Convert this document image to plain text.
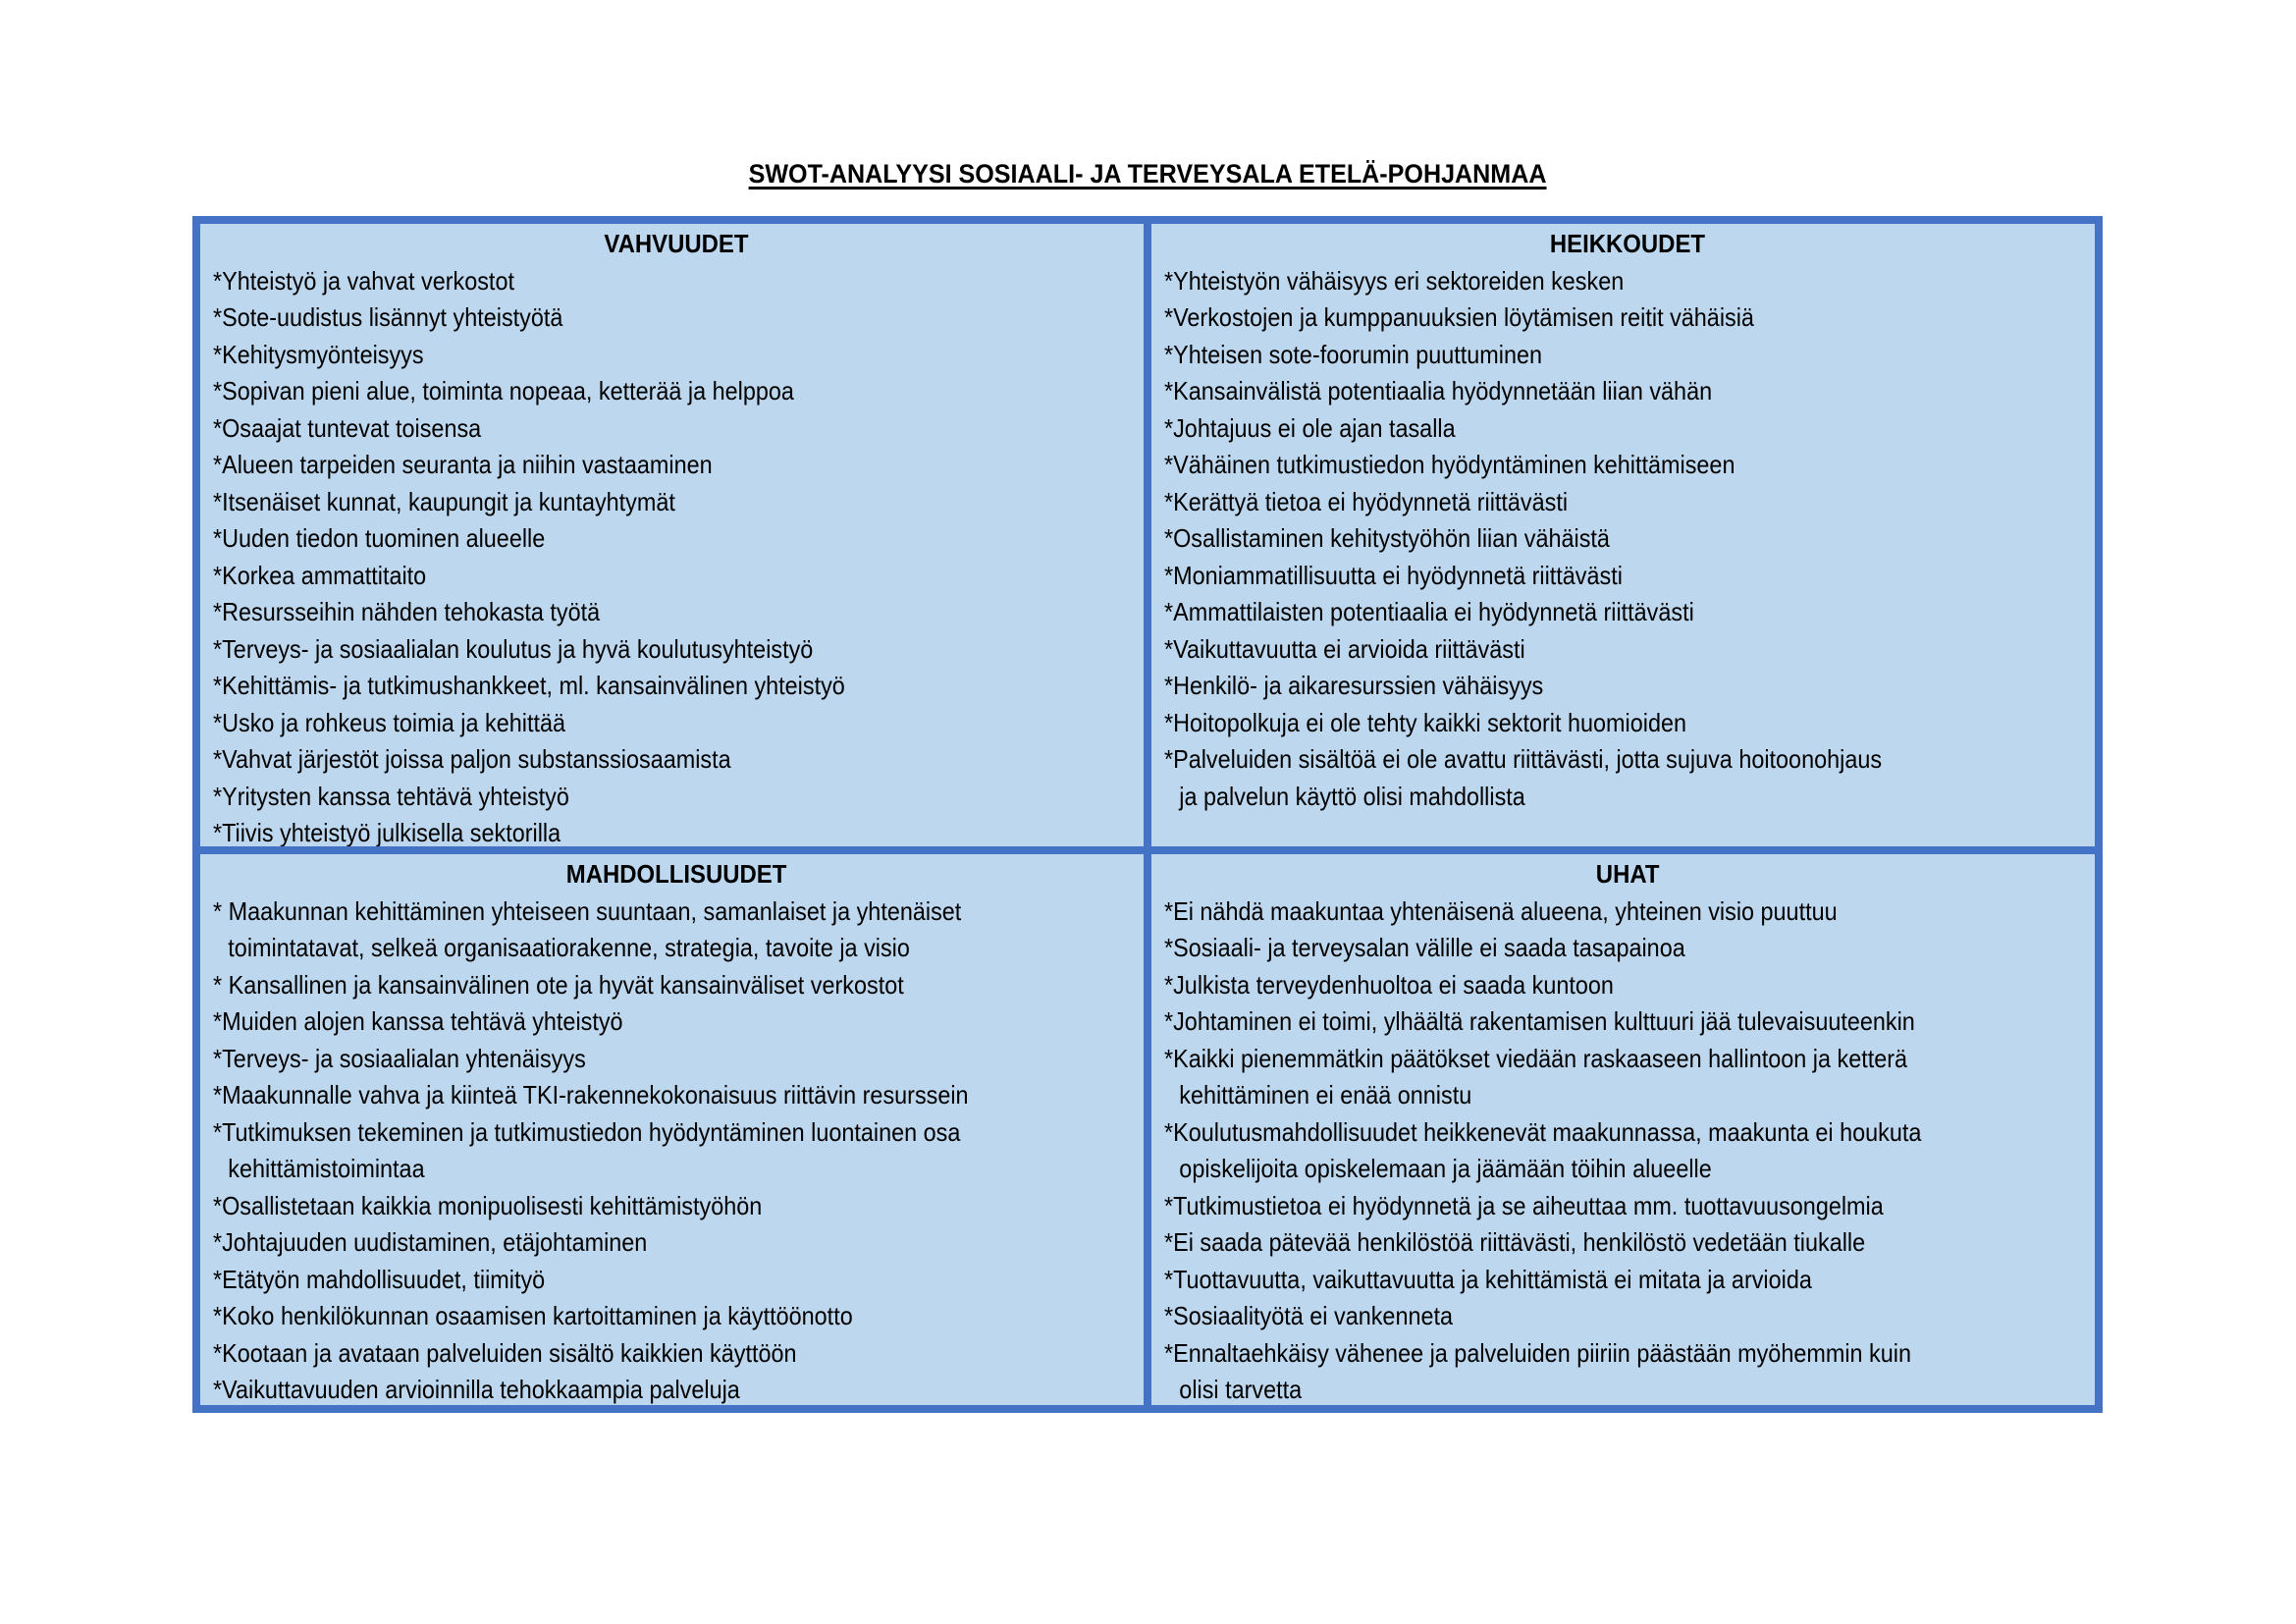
SWOT-ANALYYSI SOSIAALI- JA TERVEYSALA ETELÄ-POHJANMAA
VAHVUUDET
*Yhteistyö ja vahvat verkostot
*Sote-uudistus lisännyt yhteistyötä
*Kehitysmyönteisyys
*Sopivan pieni alue, toiminta nopeaa, ketterää ja helppoa
*Osaajat tuntevat toisensa
*Alueen tarpeiden seuranta ja niihin vastaaminen
*Itsenäiset kunnat, kaupungit ja kuntayhtymät
*Uuden tiedon tuominen alueelle
*Korkea ammattitaito
*Resursseihin nähden tehokasta työtä
*Terveys- ja sosiaalialan koulutus ja hyvä koulutusyhteistyö
*Kehittämis- ja tutkimushankkeet, ml. kansainvälinen yhteistyö
*Usko ja rohkeus toimia ja kehittää
*Vahvat järjestöt joissa paljon substanssiosaamista
*Yritysten kanssa tehtävä yhteistyö
*Tiivis yhteistyö julkisella sektorilla
HEIKKOUDET
*Yhteistyön vähäisyys eri sektoreiden kesken
*Verkostojen ja kumppanuuksien löytämisen reitit vähäisiä
*Yhteisen sote-foorumin puuttuminen
*Kansainvälistä potentiaalia hyödynnetään liian vähän
*Johtajuus ei ole ajan tasalla
*Vähäinen tutkimustiedon hyödyntäminen kehittämiseen
*Kerättyä tietoa ei hyödynnetä riittävästi
*Osallistaminen kehitystyöhön liian vähäistä
*Moniammatillisuutta ei hyödynnetä riittävästi
*Ammattilaisten potentiaalia ei hyödynnetä riittävästi
*Vaikuttavuutta ei arvioida riittävästi
*Henkilö- ja aikaresurssien vähäisyys
*Hoitopolkuja ei ole tehty kaikki sektorit huomioiden
*Palveluiden sisältöä ei ole avattu riittävästi, jotta sujuva hoitoonohjaus
ja palvelun käyttö olisi mahdollista
MAHDOLLISUUDET
* Maakunnan kehittäminen yhteiseen suuntaan, samanlaiset ja yhtenäiset
toimintatavat, selkeä organisaatiorakenne, strategia, tavoite ja visio
* Kansallinen ja kansainvälinen ote ja hyvät kansainväliset verkostot
*Muiden alojen kanssa tehtävä yhteistyö
*Terveys- ja sosiaalialan yhtenäisyys
*Maakunnalle vahva ja kiinteä TKI-rakennekokonaisuus riittävin resurssein
*Tutkimuksen tekeminen ja tutkimustiedon hyödyntäminen luontainen osa
kehittämistoimintaa
*Osallistetaan kaikkia monipuolisesti kehittämistyöhön
*Johtajuuden uudistaminen, etäjohtaminen
*Etätyön mahdollisuudet, tiimityö
*Koko henkilökunnan osaamisen kartoittaminen ja käyttöönotto
*Kootaan ja avataan palveluiden sisältö kaikkien käyttöön
*Vaikuttavuuden arvioinnilla tehokkaampia palveluja
UHAT
*Ei nähdä maakuntaa yhtenäisenä alueena, yhteinen visio puuttuu
*Sosiaali- ja terveysalan välille ei saada tasapainoa
*Julkista terveydenhuoltoa ei saada kuntoon
*Johtaminen ei toimi, ylhäältä rakentamisen kulttuuri jää tulevaisuuteenkin
*Kaikki pienemmätkin päätökset viedään raskaaseen hallintoon ja ketterä
kehittäminen ei enää onnistu
*Koulutusmahdollisuudet heikkenevät maakunnassa, maakunta ei houkuta
opiskelijoita opiskelemaan ja jäämään töihin alueelle
*Tutkimustietoa ei hyödynnetä ja se aiheuttaa mm. tuottavuusongelmia
*Ei saada pätevää henkilöstöä riittävästi, henkilöstö vedetään tiukalle
*Tuottavuutta, vaikuttavuutta ja kehittämistä ei mitata ja arvioida
*Sosiaalityötä ei vankenneta
*Ennaltaehkäisy vähenee ja palveluiden piiriin päästään myöhemmin kuin
olisi tarvetta
